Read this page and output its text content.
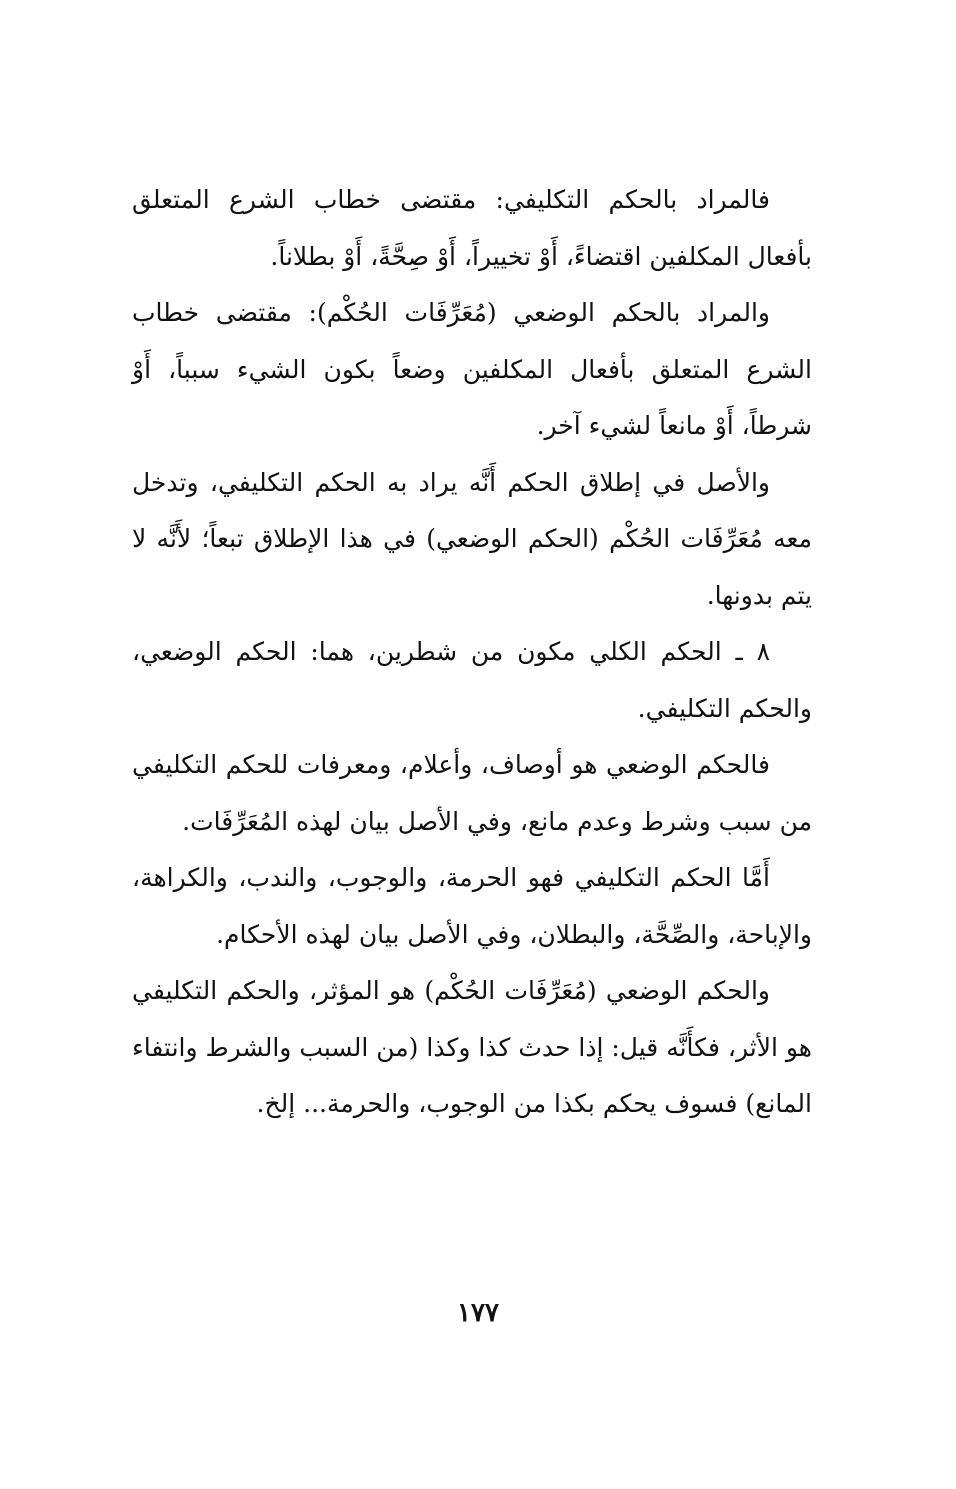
فالمراد بالحكم التكليفي: مقتضى خطاب الشرع المتعلق بأفعال المكلفين اقتضاءً، أَوْ تخييراً، أَوْ صِحَّةً، أَوْ بطلاناً.

والمراد بالحكم الوضعي (مُعَرِّفَات الحُكْم): مقتضى خطاب الشرع المتعلق بأفعال المكلفين وضعاً بكون الشيء سبباً، أَوْ شرطاً، أَوْ مانعاً لشيء آخر.

والأصل في إطلاق الحكم أَنَّه يراد به الحكم التكليفي، وتدخل معه مُعَرِّفَات الحُكْم (الحكم الوضعي) في هذا الإطلاق تبعاً؛ لأَنَّه لا يتم بدونها.

٨ ـ الحكم الكلي مكون من شطرين، هما: الحكم الوضعي، والحكم التكليفي.

فالحكم الوضعي هو أوصاف، وأعلام، ومعرفات للحكم التكليفي من سبب وشرط وعدم مانع، وفي الأصل بيان لهذه المُعَرِّفَات.

أَمَّا الحكم التكليفي فهو الحرمة، والوجوب، والندب، والكراهة، والإباحة، والصِّحَّة، والبطلان، وفي الأصل بيان لهذه الأحكام.

والحكم الوضعي (مُعَرِّفَات الحُكْم) هو المؤثر، والحكم التكليفي هو الأثر، فكأَنَّه قيل: إذا حدث كذا وكذا (من السبب والشرط وانتفاء المانع) فسوف يحكم بكذا من الوجوب، والحرمة... إلخ.

١٧٧
